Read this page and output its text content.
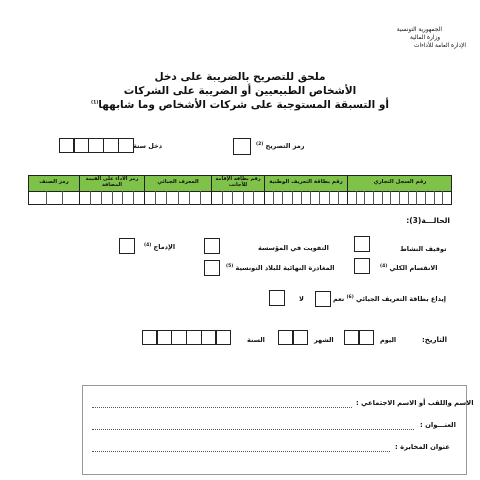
الجمهورية التونسية
وزارة المالية
الإدارة العامة للأداءات
ملحق للتصريح بالضريبة على دخل
الأشخاص الطبيعيين أو الضريبة على الشركات
أو التسبقة المستوجبة على شركات الأشخاص وما شابهها$^{(1)}$
رمز التصريح $^{(2)}$
دخل سنة
رقم السجل التجاري
رقم بطاقة التعريف الوطنية
رقم بطاقة الإقامة للأجانب
المعرف الجبائي
رمز الأداء على القيمة المضافة
رمز الصنف
الحالـــة(3):
توقيف النشاط
التفويت في المؤسسة
الإدماج $^{(4)}$
الانقسام الكلي $^{(4)}$
المغادرة النهائية للبلاد التونسية $^{(5)}$
إيداع بطاقة التعريف الجبائي $^{(6)}$ نعم
لا
التاريخ:
اليوم
الشهر
السنة
الاسم واللقب أو الاسم الاجتماعي :
العنـــوان :
عنوان المخابرة :
